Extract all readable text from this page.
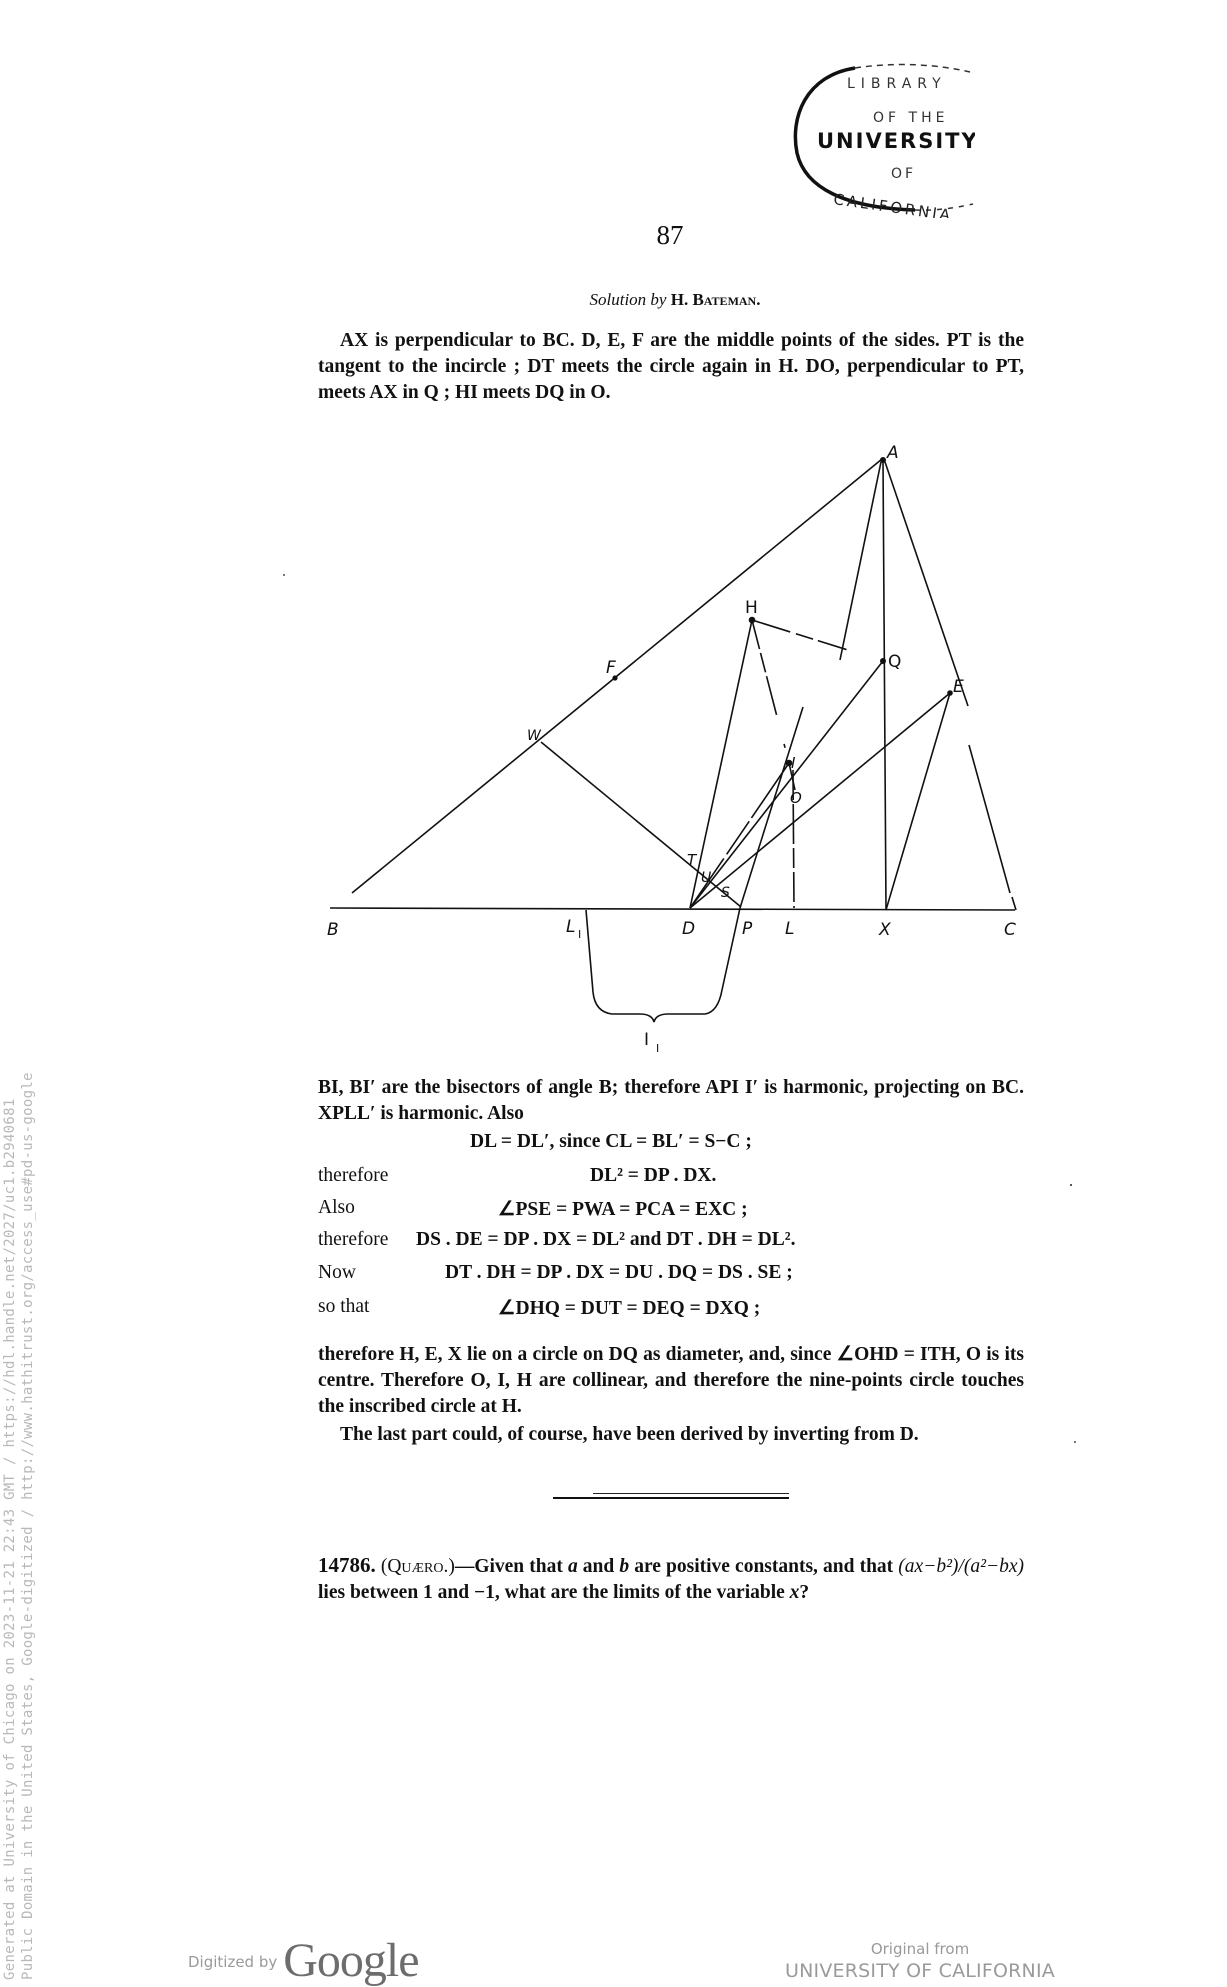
LIBRARY
OF THE
UNIVERSITY
OF
CALIFORNIA
87
Solution by H. Bateman.
AX is perpendicular to BC. D, E, F are the middle points of the sides. PT is the tangent to the incircle ; DT meets the circle again in H. DO, perpendicular to PT, meets AX in Q ; HI meets DQ in O.
A
H
Q
E
F
W
I
O
T
U
S
B	L I	D	P L	X	C
I I
BI, BI′ are the bisectors of angle B; therefore API I′ is harmonic, projecting on BC. XPLL′ is harmonic. Also
DL = DL′, since CL = BL′ = S−C ;
therefore	DL² = DP . DX.
Also	∠PSE = PWA = PCA = EXC ;
therefore DS . DE = DP . DX = DL² and DT . DH = DL².
Now	DT . DH = DP . DX = DU . DQ = DS . SE ;
so that	∠DHQ = DUT = DEQ = DXQ ;
therefore H, E, X lie on a circle on DQ as diameter, and, since ∠OHD = ITH, O is its centre. Therefore O, I, H are collinear, and therefore the nine-points circle touches the inscribed circle at H.
The last part could, of course, have been derived by inverting from D.
14786. (Quæro.)—Given that a and b are positive constants, and that (ax−b²)/(a²−bx) lies between 1 and −1, what are the limits of the variable x?
Generated at University of Chicago on 2023-11-21 22:43 GMT / https://hdl.handle.net/2027/uc1.b2940681 Public Domain in the United States, Google-digitized / http://www.hathitrust.org/access_use#pd-us-google	Digitized by Google	Original from
UNIVERSITY OF CALIFORNIA
